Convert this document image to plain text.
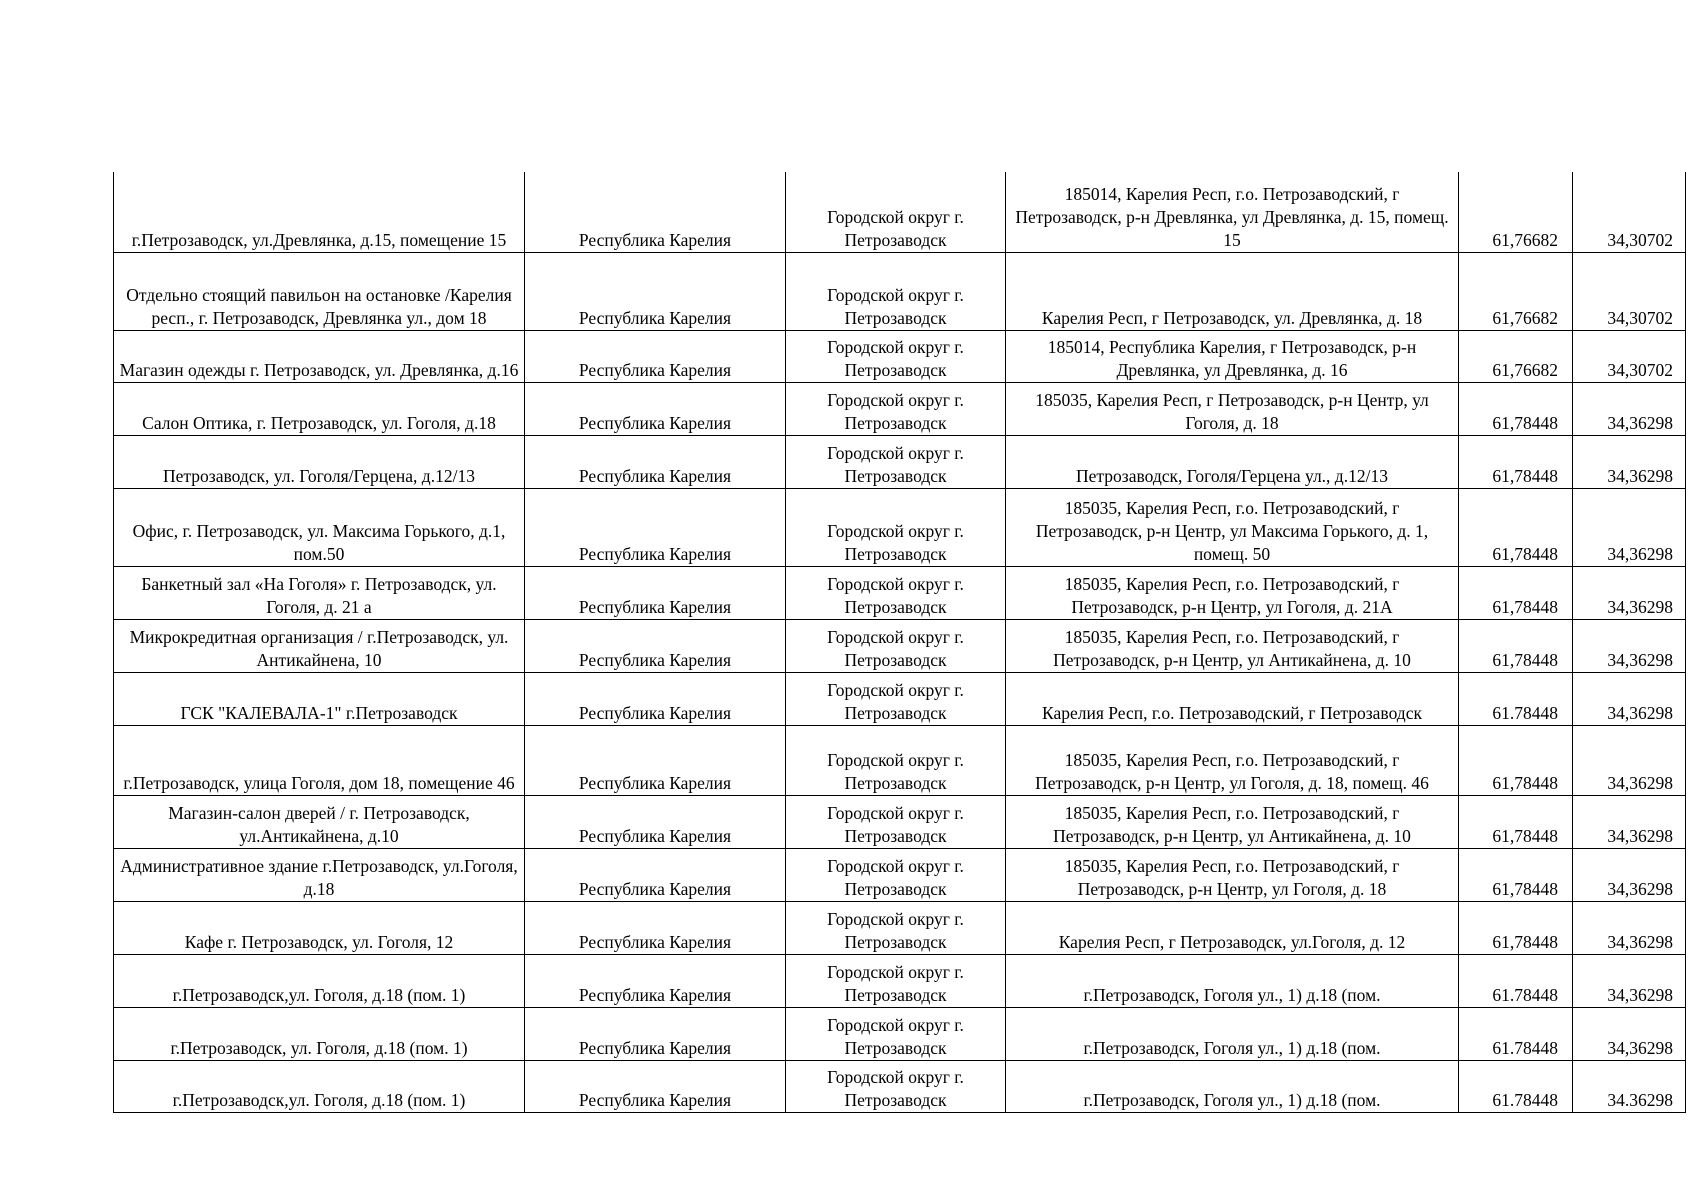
г.Петрозаводск, ул.Древлянка, д.15, помещение 15	Республика Карелия	Городской округ г. Петрозаводск	185014, Карелия Респ, г.о. Петрозаводский, г Петрозаводск, р-н Древлянка, ул Древлянка, д. 15, помещ. 15	61,76682	34,30702
Отдельно стоящий павильон на остановке /Карелия респ., г. Петрозаводск, Древлянка ул., дом 18	Республика Карелия	Городской округ г. Петрозаводск	Карелия Респ, г Петрозаводск, ул. Древлянка, д. 18	61,76682	34,30702
Магазин одежды г. Петрозаводск, ул. Древлянка, д.16	Республика Карелия	Городской округ г. Петрозаводск	185014, Республика Карелия, г Петрозаводск, р-н Древлянка, ул Древлянка, д. 16	61,76682	34,30702
Салон Оптика, г. Петрозаводск, ул. Гоголя, д.18	Республика Карелия	Городской округ г. Петрозаводск	185035, Карелия Респ, г Петрозаводск, р-н Центр, ул Гоголя, д. 18	61,78448	34,36298
Петрозаводск, ул. Гоголя/Герцена, д.12/13	Республика Карелия	Городской округ г. Петрозаводск	Петрозаводск, Гоголя/Герцена ул., д.12/13	61,78448	34,36298
Офис, г. Петрозаводск, ул. Максима Горького, д.1, пом.50	Республика Карелия	Городской округ г. Петрозаводск	185035, Карелия Респ, г.о. Петрозаводский, г Петрозаводск, р-н Центр, ул Максима Горького, д. 1, помещ. 50	61,78448	34,36298
Банкетный зал «На Гоголя» г. Петрозаводск, ул. Гоголя, д. 21 а	Республика Карелия	Городской округ г. Петрозаводск	185035, Карелия Респ, г.о. Петрозаводский, г Петрозаводск, р-н Центр, ул Гоголя, д. 21А	61,78448	34,36298
Микрокредитная организация / г.Петрозаводск, ул. Антикайнена, 10	Республика Карелия	Городской округ г. Петрозаводск	185035, Карелия Респ, г.о. Петрозаводский, г Петрозаводск, р-н Центр, ул Антикайнена, д. 10	61,78448	34,36298
ГСК "КАЛЕВАЛА-1" г.Петрозаводск	Республика Карелия	Городской округ г. Петрозаводск	Карелия Респ, г.о. Петрозаводский, г Петрозаводск	61.78448	34,36298
г.Петрозаводск, улица Гоголя, дом 18, помещение 46	Республика Карелия	Городской округ г. Петрозаводск	185035, Карелия Респ, г.о. Петрозаводский, г Петрозаводск, р-н Центр, ул Гоголя, д. 18, помещ. 46	61,78448	34,36298
Магазин-салон дверей / г. Петрозаводск, ул.Антикайнена, д.10	Республика Карелия	Городской округ г. Петрозаводск	185035, Карелия Респ, г.о. Петрозаводский, г Петрозаводск, р-н Центр, ул Антикайнена, д. 10	61,78448	34,36298
Административное здание г.Петрозаводск, ул.Гоголя, д.18	Республика Карелия	Городской округ г. Петрозаводск	185035, Карелия Респ, г.о. Петрозаводский, г Петрозаводск, р-н Центр, ул Гоголя, д. 18	61,78448	34,36298
Кафе г. Петрозаводск, ул. Гоголя, 12	Республика Карелия	Городской округ г. Петрозаводск	Карелия Респ, г Петрозаводск, ул.Гоголя, д. 12	61,78448	34,36298
г.Петрозаводск,ул. Гоголя, д.18 (пом. 1)	Республика Карелия	Городской округ г. Петрозаводск	г.Петрозаводск, Гоголя ул., 1) д.18 (пом.	61.78448	34,36298
г.Петрозаводск, ул. Гоголя, д.18 (пом. 1)	Республика Карелия	Городской округ г. Петрозаводск	г.Петрозаводск, Гоголя ул., 1) д.18 (пом.	61.78448	34,36298
г.Петрозаводск,ул. Гоголя, д.18 (пом. 1)	Республика Карелия	Городской округ г. Петрозаводск	г.Петрозаводск, Гоголя ул., 1) д.18 (пом.	61.78448	34.36298
